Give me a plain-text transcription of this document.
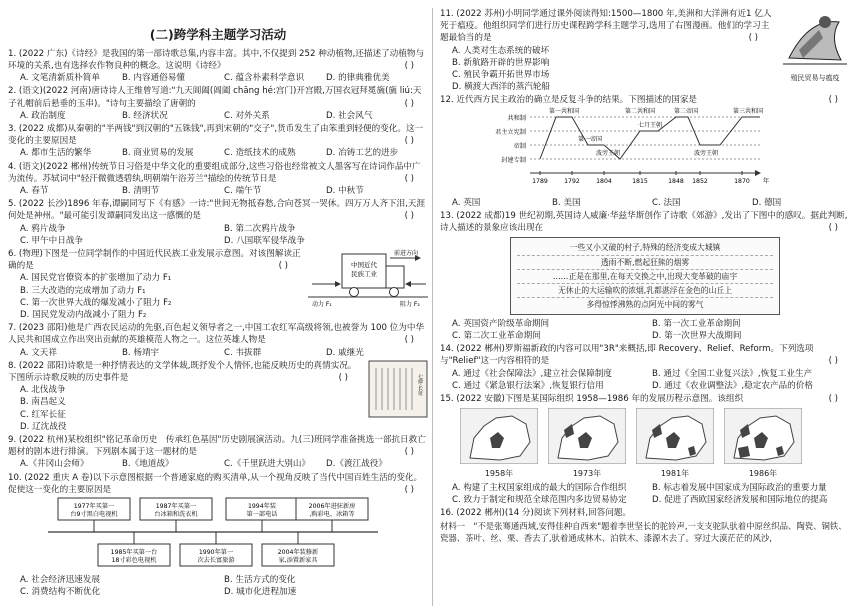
(二)跨学科主题学习活动

1. (2022 广东)《诗经》是我国的第一部诗歌总集,内容丰富。其中,不仅提到 252 种动植物,还描述了动植物与环境的关系,也有选择农作物良种的概念。这说明《诗经》	( )

A. 文笔清新质朴简单	B. 内容通俗易懂	C. 蕴含朴素科学意识	D. 的律典雅优美

2. (语文)(2022 河南)唐诗诗人王维曾写道:"九天阊阖(阊阖 chāng hé:宫门)开宫殿,万国衣冠拜冕旒(旒 liú:天子礼帽前后悬垂的玉串)。"诗句主要描绘了唐朝的	( )

A. 政治制度	B. 经济状况	C. 对外关系	D. 社会风气

3. (2022 成都)从秦朝的"半两钱"到汉朝的"五铢钱",再到宋朝的"交子",货币发生了由笨重到轻便的变化。这一变化的主要原因是	( )

A. 都市生活的繁华	B. 商业贸易的发展	C. 造纸技术的成熟	D. 冶铸工艺的进步

4. (语文)(2022 郴州)传统节日习俗是中华文化的重要组成部分,这些习俗也经常被文人墨客写在诗词作品中广为流传。苏轼词中"轻汗微微透碧纨,明朝端午浴芳兰"描绘的传统节日是	( )

A. 春节	B. 清明节	C. 端午节	D. 中秋节

5. (2022 长沙)1896 年春,谭嗣同写下《有感》一诗:"世间无物抵春愁,合向苍冥一哭休。四万万人齐下泪,天涯何处是神州。"最可能引发谭嗣同发出这一感慨的是	( )

A. 鸦片战争	B. 第二次鸦片战争
C. 甲午中日战争	D. 八国联军侵华战争

6. (物理)下图是一位同学制作的中国近代民族工业发展示意图。对该图解读正确的是	( )

A. 国民党官僚资本的扩张增加了动力 F₁
B. 三大改造的完成增加了动力 F₁
C. 第一次世界大战的爆发减小了阻力 F₂
D. 国民党发动内战减小了阻力 F₂
中国近代民族工业
前进方向
动力 F₁	阻力 F₂

7. (2023 邵阳)他是广西农民运动的先驱,百色起义领导者之一,中国工农红军高级将领,也被誉为 100 位为中华人民共和国成立作出突出贡献的英雄模范人物之一。这位英雄人物是	( )

A. 文天祥	B. 杨靖宇	C. 韦拔群	D. 戚继光

8. (2022 邵阳)诗歌是一种抒情表达的文学体裁,既抒发个人情怀,也能反映历史的真情实况。下图所示诗歌反映的历史事件是	( )

A. 北伐战争
B. 南昌起义
C. 红军长征
D. 辽沈战役
七律·长征

9. (2022 杭州)某校组织"铭记革命历史　传承红色基因"历史剧展演活动。九(三)班同学准备挑选一部抗日救亡题材的剧本进行排演。下列剧本属于这一题材的是	( )

A.《井冈山会师》	B.《地道战》	C.《千里跃进大别山》	D.《渡江战役》

10. (2022 重庆 A 卷)以下示意图根据一个普通家庭的购买清单,从一个视角反映了当代中国百姓生活的变化。促使这一变化的主要原因是	( )

1977年买第一台9寸黑白电视机
1987年买第一台冰箱和洗衣机
1994年装第一部电话
2006年进驻新房,购彩电、冰箱等
1985年买第一台 18寸彩色电视机
1990年第一次去长富旅游
2004年装修新家,添置新家具
A. 社会经济迅速发展	B. 生活方式的变化
C. 消费结构不断优化	D. 城市化进程加速

11. (2022 苏州)小明同学通过课外阅读得知:1500—1800 年,美洲和大洋洲有近1 亿人死于瘟疫。他组织同学们进行历史课程跨学科主题学习,选用了右图漫画。他们的学习主题最恰当的是	( )

A. 人类对生态系统的破坏
B. 新航路开辟的世界影响
C. 殖民争霸开拓世界市场
D. 横渡大西洋的蒸汽轮船
殖民贸易与瘟疫

12. 近代西方民主政治的确立是反复斗争的结果。下图描述的国家是	( )

共和制
君主立宪制
帝制
封建专制
第一共和国
第一帝国
七月王朝
第二帝国
第二共和国	第三共和国
波旁王朝	波旁王朝
1789	1792	1804	1815	1848 1852	1870 年
A. 英国	B. 美国	C. 法国	D. 德国

13. (2022 成都)19 世纪初期,英国诗人威廉·华兹华斯创作了诗歌《郊游》,发出了下图中的感叹。据此判断,诗人描述的景象应该出现在	( )

一些又小又破的村子,特殊的经济变成大城镇
透雨不断,燃起狂熊的烟雾
……正是在那里,在每天交换之中,出现大变革破的庙宇
无休止的大运输吹的浓烟,乳都湛浮在金色的山丘上
多得惊悸沸熟的点阿光中间的雾气
A. 英国资产阶级革命期间	B. 第一次工业革命期间
C. 第二次工业革命期间	D. 第一次世界大战期间

14. (2022 郴州)罗斯福新政的内容可以用"3R"来概括,即 Recovery、Relief、Reform。下列选项与"Relief"这一内容相符的是	( )

A. 通过《社会保障法》,建立社会保障制度	B. 通过《全国工业复兴法》,恢复工业生产
C. 通过《紧急银行法案》,恢复银行信用	D. 通过《农业调整法》,稳定农产品的价格

15. (2022 安徽)下图是某国际组织 1958—1986 年的发展历程示意图。该组织	( )

1958年	1973年	1981年	1986年
A. 构建了主权国家组成的最大的国际合作组织	B. 标志着发展中国家成为国际政治的重要力量
C. 致力于制定和规范全球范围内多边贸易协定	D. 促进了西欧国家经济发展和国际地位的提高

16. (2022 郴州)(14 分)阅读下列材料,回答问题。

材料一　"不是张骞通西域,安得佳种自西来"题着李世坚长的驼铃声,一支支驼队驮着中原丝织品、陶瓷、铜铁、瓷器、茶叶、丝、栗、香去了,驮着通成林木、泊铁木、漆源木去了。穿过大漠茫茫的风沙,
